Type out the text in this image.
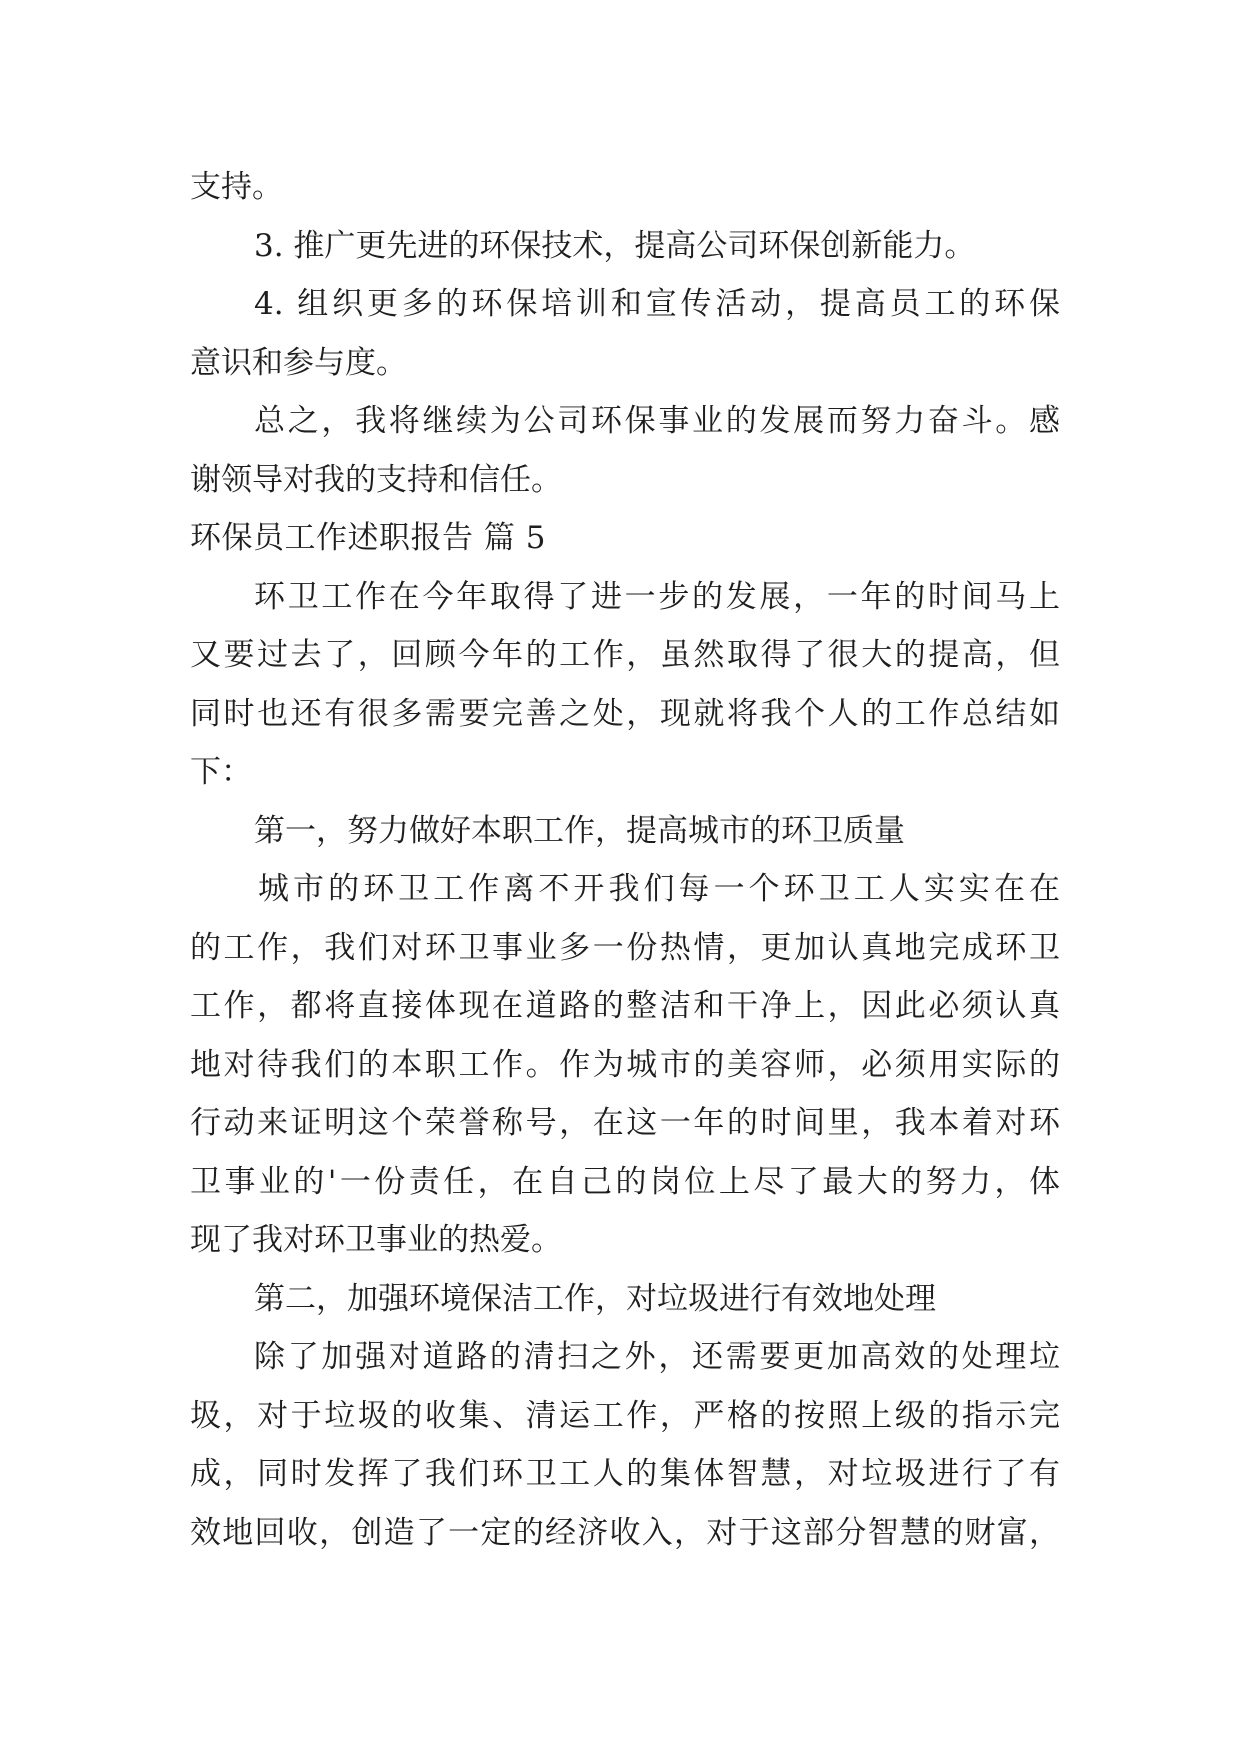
支持。
3. 推广更先进的环保技术，提高公司环保创新能力。
4. 组织更多的环保培训和宣传活动，提高员工的环保
意识和参与度。
总之，我将继续为公司环保事业的发展而努力奋斗。感
谢领导对我的支持和信任。
环保员工作述职报告 篇 5
环卫工作在今年取得了进一步的发展，一年的时间马上
又要过去了，回顾今年的工作，虽然取得了很大的提高，但
同时也还有很多需要完善之处，现就将我个人的工作总结如
下：
第一，努力做好本职工作，提高城市的环卫质量
城市的环卫工作离不开我们每一个环卫工人实实在在
的工作，我们对环卫事业多一份热情，更加认真地完成环卫
工作，都将直接体现在道路的整洁和干净上，因此必须认真
地对待我们的本职工作。作为城市的美容师，必须用实际的
行动来证明这个荣誉称号，在这一年的时间里，我本着对环
卫事业的'一份责任，在自己的岗位上尽了最大的努力，体
现了我对环卫事业的热爱。
第二，加强环境保洁工作，对垃圾进行有效地处理
除了加强对道路的清扫之外，还需要更加高效的处理垃
圾，对于垃圾的收集、清运工作，严格的按照上级的指示完
成，同时发挥了我们环卫工人的集体智慧，对垃圾进行了有
效地回收，创造了一定的经济收入，对于这部分智慧的财富，
